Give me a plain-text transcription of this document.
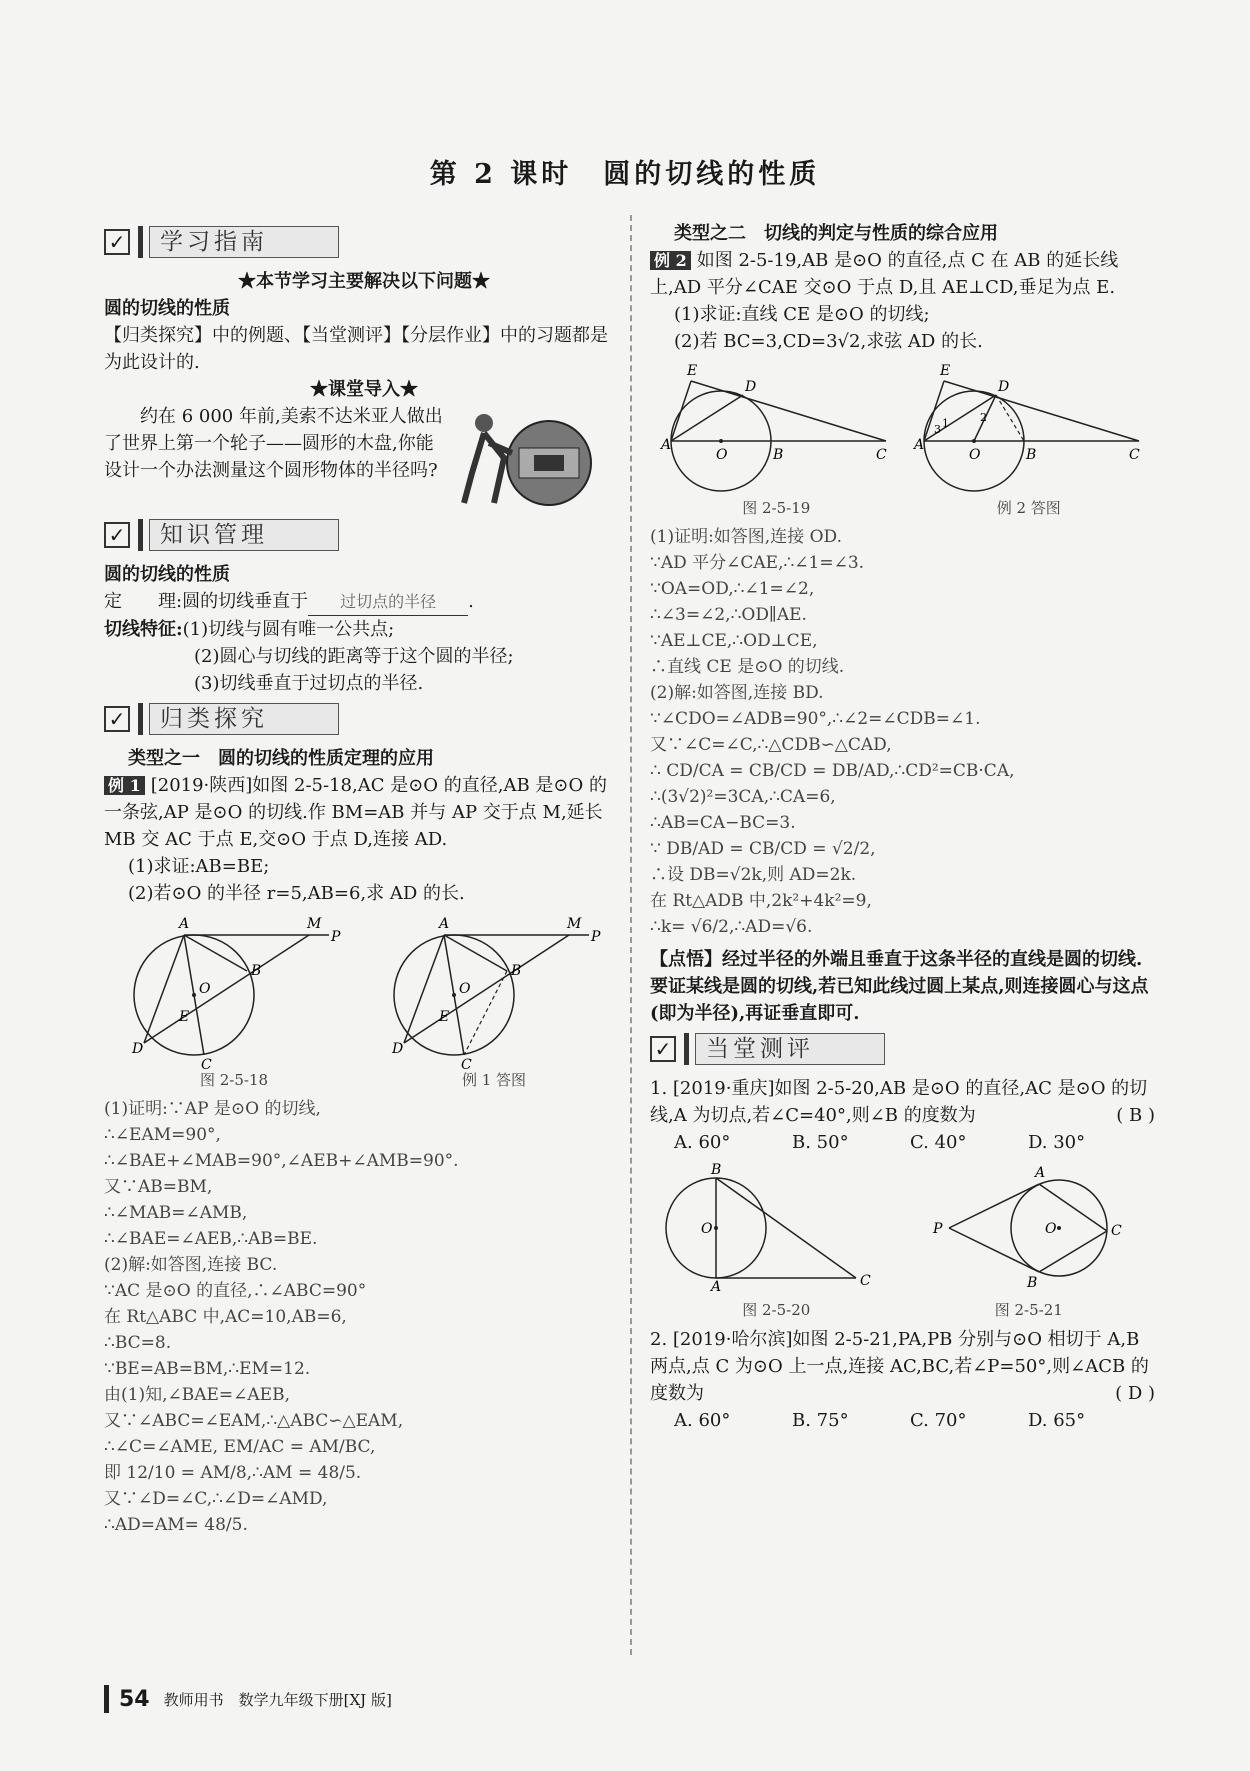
第 2 课时　圆的切线的性质
✓	学习指南

★本节学习主要解决以下问题★

圆的切线的性质

【归类探究】中的例题、【当堂测评】【分层作业】中的习题都是为此设计的.

★课堂导入★

约在 6 000 年前,美索不达米亚人做出了世界上第一个轮子——圆形的木盘,你能设计一个办法测量这个圆形物体的半径吗?

✓	知识管理

圆的切线的性质

定　　理:圆的切线垂直于 过切点的半径 .

切线特征:(1)切线与圆有唯一公共点;

(2)圆心与切线的距离等于这个圆的半径;

(3)切线垂直于过切点的半径.

✓	归类探究

类型之一　圆的切线的性质定理的应用

例 1 [2019·陕西]如图 2-5-18,AC 是⊙O 的直径,AB 是⊙O 的一条弦,AP 是⊙O 的切线.作 BM=AB 并与 AP 交于点 M,延长 MB 交 AC 于点 E,交⊙O 于点 D,连接 AD.

(1)求证:AB=BE;

(2)若⊙O 的半径 r=5,AB=6,求 AD 的长.

A	M
P
B
O
E
D
C
图 2-5-18
A	M
P
B
O
E
D
C
例 1 答图
(1)证明:∵AP 是⊙O 的切线,
∴∠EAM=90°,
∴∠BAE+∠MAB=90°,∠AEB+∠AMB=90°.
又∵AB=BM,
∴∠MAB=∠AMB,
∴∠BAE=∠AEB,∴AB=BE.
(2)解:如答图,连接 BC.
∵AC 是⊙O 的直径,∴∠ABC=90°
在 Rt△ABC 中,AC=10,AB=6,
∴BC=8.
∵BE=AB=BM,∴EM=12.
由(1)知,∠BAE=∠AEB,
又∵∠ABC=∠EAM,∴△ABC∽△EAM,
∴∠C=∠AME, EM/AC = AM/BC,
即 12/10 = AM/8,∴AM = 48/5.
又∵∠D=∠C,∴∠D=∠AMD,
∴AD=AM= 48/5.

类型之二　切线的判定与性质的综合应用

例 2 如图 2-5-19,AB 是⊙O 的直径,点 C 在 AB 的延长线上,AD 平分∠CAE 交⊙O 于点 D,且 AE⊥CD,垂足为点 E.

(1)求证:直线 CE 是⊙O 的切线;

(2)若 BC=3,CD=3√2,求弦 AD 的长.

E
D
A
O	B	C
图 2-5-19
E
D
A
O	B	C
3 1	2
例 2 答图
(1)证明:如答图,连接 OD.
∵AD 平分∠CAE,∴∠1=∠3.
∵OA=OD,∴∠1=∠2,
∴∠3=∠2,∴OD∥AE.
∵AE⊥CE,∴OD⊥CE,
∴直线 CE 是⊙O 的切线.
(2)解:如答图,连接 BD.
∵∠CDO=∠ADB=90°,∴∠2=∠CDB=∠1.
又∵∠C=∠C,∴△CDB∽△CAD,
∴ CD/CA = CB/CD = DB/AD,∴CD²=CB·CA,
∴(3√2)²=3CA,∴CA=6,
∴AB=CA−BC=3.
∵ DB/AD = CB/CD = √2/2,
∴设 DB=√2k,则 AD=2k.
在 Rt△ADB 中,2k²+4k²=9,
∴k= √6/2,∴AD=√6.

【点悟】经过半径的外端且垂直于这条半径的直线是圆的切线.要证某线是圆的切线,若已知此线过圆上某点,则连接圆心与这点(即为半径),再证垂直即可.

✓	当堂测评

1. [2019·重庆]如图 2-5-20,AB 是⊙O 的直径,AC 是⊙O 的切线,A 为切点,若∠C=40°,则∠B 的度数为	( B )

A. 60°	B. 50°	C. 40°	D. 30°
B
O
A	C
图 2-5-20
A
P	O	C
B
图 2-5-21

2. [2019·哈尔滨]如图 2-5-21,PA,PB 分别与⊙O 相切于 A,B 两点,点 C 为⊙O 上一点,连接 AC,BC,若∠P=50°,则∠ACB 的度数为	( D )

A. 60°	B. 75°	C. 70°	D. 65°
54 教师用书　数学九年级下册[XJ 版]
